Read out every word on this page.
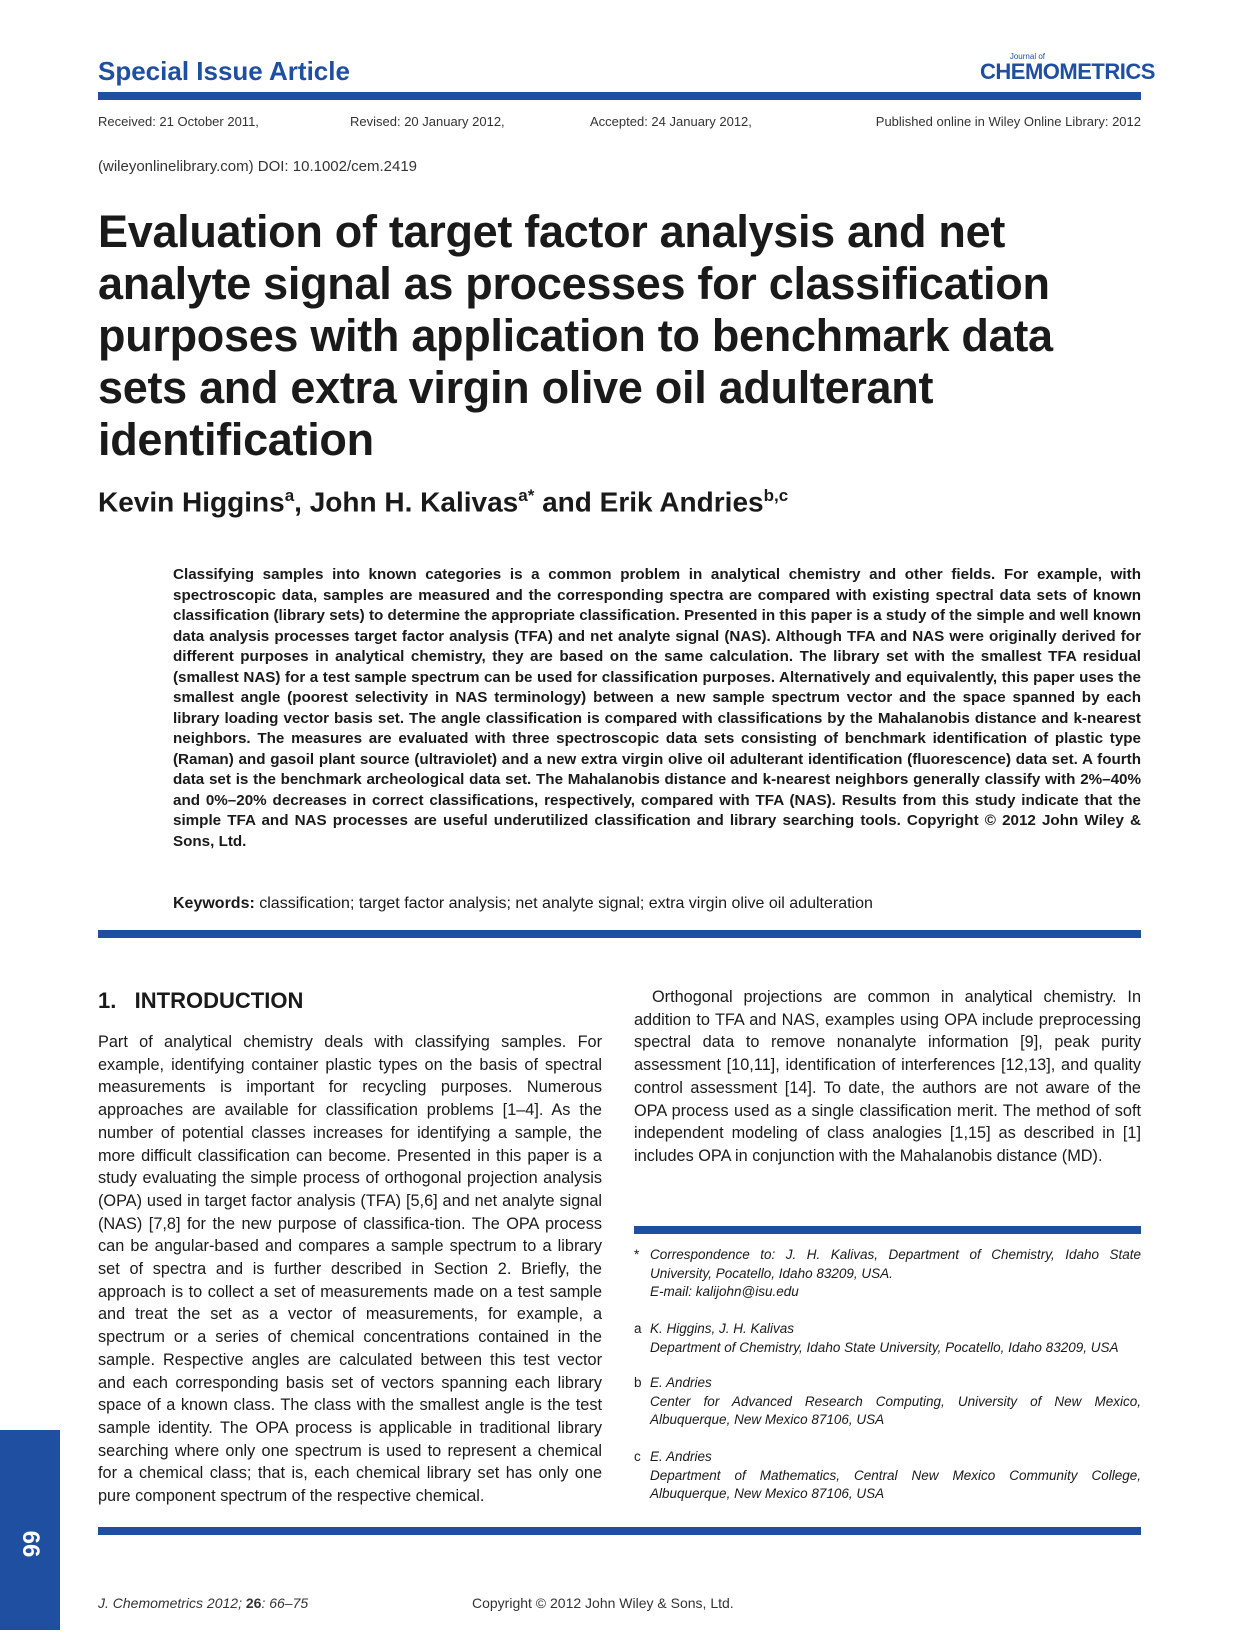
Special Issue Article	Journal of
CHEMOMETRICS
Received: 21 October 2011,	Revised: 20 January 2012,	Accepted: 24 January 2012,	Published online in Wiley Online Library: 2012
(wileyonlinelibrary.com) DOI: 10.1002/cem.2419
Evaluation of target factor analysis and net analyte signal as processes for classification purposes with application to benchmark data sets and extra virgin olive oil adulterant identification
Kevin Higgins$^a$, John H. Kalivas$^{a*}$ and Erik Andries$^{b,c}$
Classifying samples into known categories is a common problem in analytical chemistry and other fields. For example, with spectroscopic data, samples are measured and the corresponding spectra are compared with existing spectral data sets of known classification (library sets) to determine the appropriate classification. Presented in this paper is a study of the simple and well known data analysis processes target factor analysis (TFA) and net analyte signal (NAS). Although TFA and NAS were originally derived for different purposes in analytical chemistry, they are based on the same calculation. The library set with the smallest TFA residual (smallest NAS) for a test sample spectrum can be used for classification purposes. Alternatively and equivalently, this paper uses the smallest angle (poorest selectivity in NAS terminology) between a new sample spectrum vector and the space spanned by each library loading vector basis set. The angle classification is compared with classifications by the Mahalanobis distance and k-nearest neighbors. The measures are evaluated with three spectroscopic data sets consisting of benchmark identification of plastic type (Raman) and gasoil plant source (ultraviolet) and a new extra virgin olive oil adulterant identification (fluorescence) data set. A fourth data set is the benchmark archeological data set. The Mahalanobis distance and k-nearest neighbors generally classify with 2%–40% and 0%–20% decreases in correct classifications, respectively, compared with TFA (NAS). Results from this study indicate that the simple TFA and NAS processes are useful underutilized classification and library searching tools. Copyright © 2012 John Wiley & Sons, Ltd.
Keywords: classification; target factor analysis; net analyte signal; extra virgin olive oil adulteration
1.   INTRODUCTION
Part of analytical chemistry deals with classifying samples. For example, identifying container plastic types on the basis of spectral measurements is important for recycling purposes. Numerous approaches are available for classification problems [1–4]. As the number of potential classes increases for identifying a sample, the more difficult classification can become. Presented in this paper is a study evaluating the simple process of orthogonal projection analysis (OPA) used in target factor analysis (TFA) [5,6] and net analyte signal (NAS) [7,8] for the new purpose of classifica-tion. The OPA process can be angular-based and compares a sample spectrum to a library set of spectra and is further described in Section 2. Briefly, the approach is to collect a set of measurements made on a test sample and treat the set as a vector of measurements, for example, a spectrum or a series of chemical concentrations contained in the sample. Respective angles are calculated between this test vector and each corresponding basis set of vectors spanning each library space of a known class. The class with the smallest angle is the test sample identity. The OPA process is applicable in traditional library searching where only one spectrum is used to represent a chemical for a chemical class; that is, each chemical library set has only one pure component spectrum of the respective chemical.
Orthogonal projections are common in analytical chemistry. In addition to TFA and NAS, examples using OPA include preprocessing spectral data to remove nonanalyte information [9], peak purity assessment [10,11], identification of interferences [12,13], and quality control assessment [14]. To date, the authors are not aware of the OPA process used as a single classification merit. The method of soft independent modeling of class analogies [1,15] as described in [1] includes OPA in conjunction with the Mahalanobis distance (MD).
* Correspondence to: J. H. Kalivas, Department of Chemistry, Idaho State University, Pocatello, Idaho 83209, USA.
E-mail: kalijohn@isu.edu
a K. Higgins, J. H. Kalivas
Department of Chemistry, Idaho State University, Pocatello, Idaho 83209, USA
b E. Andries
Center for Advanced Research Computing, University of New Mexico, Albuquerque, New Mexico 87106, USA
c E. Andries
Department of Mathematics, Central New Mexico Community College, Albuquerque, New Mexico 87106, USA
66
J. Chemometrics 2012; 26: 66–75	Copyright © 2012 John Wiley & Sons, Ltd.
